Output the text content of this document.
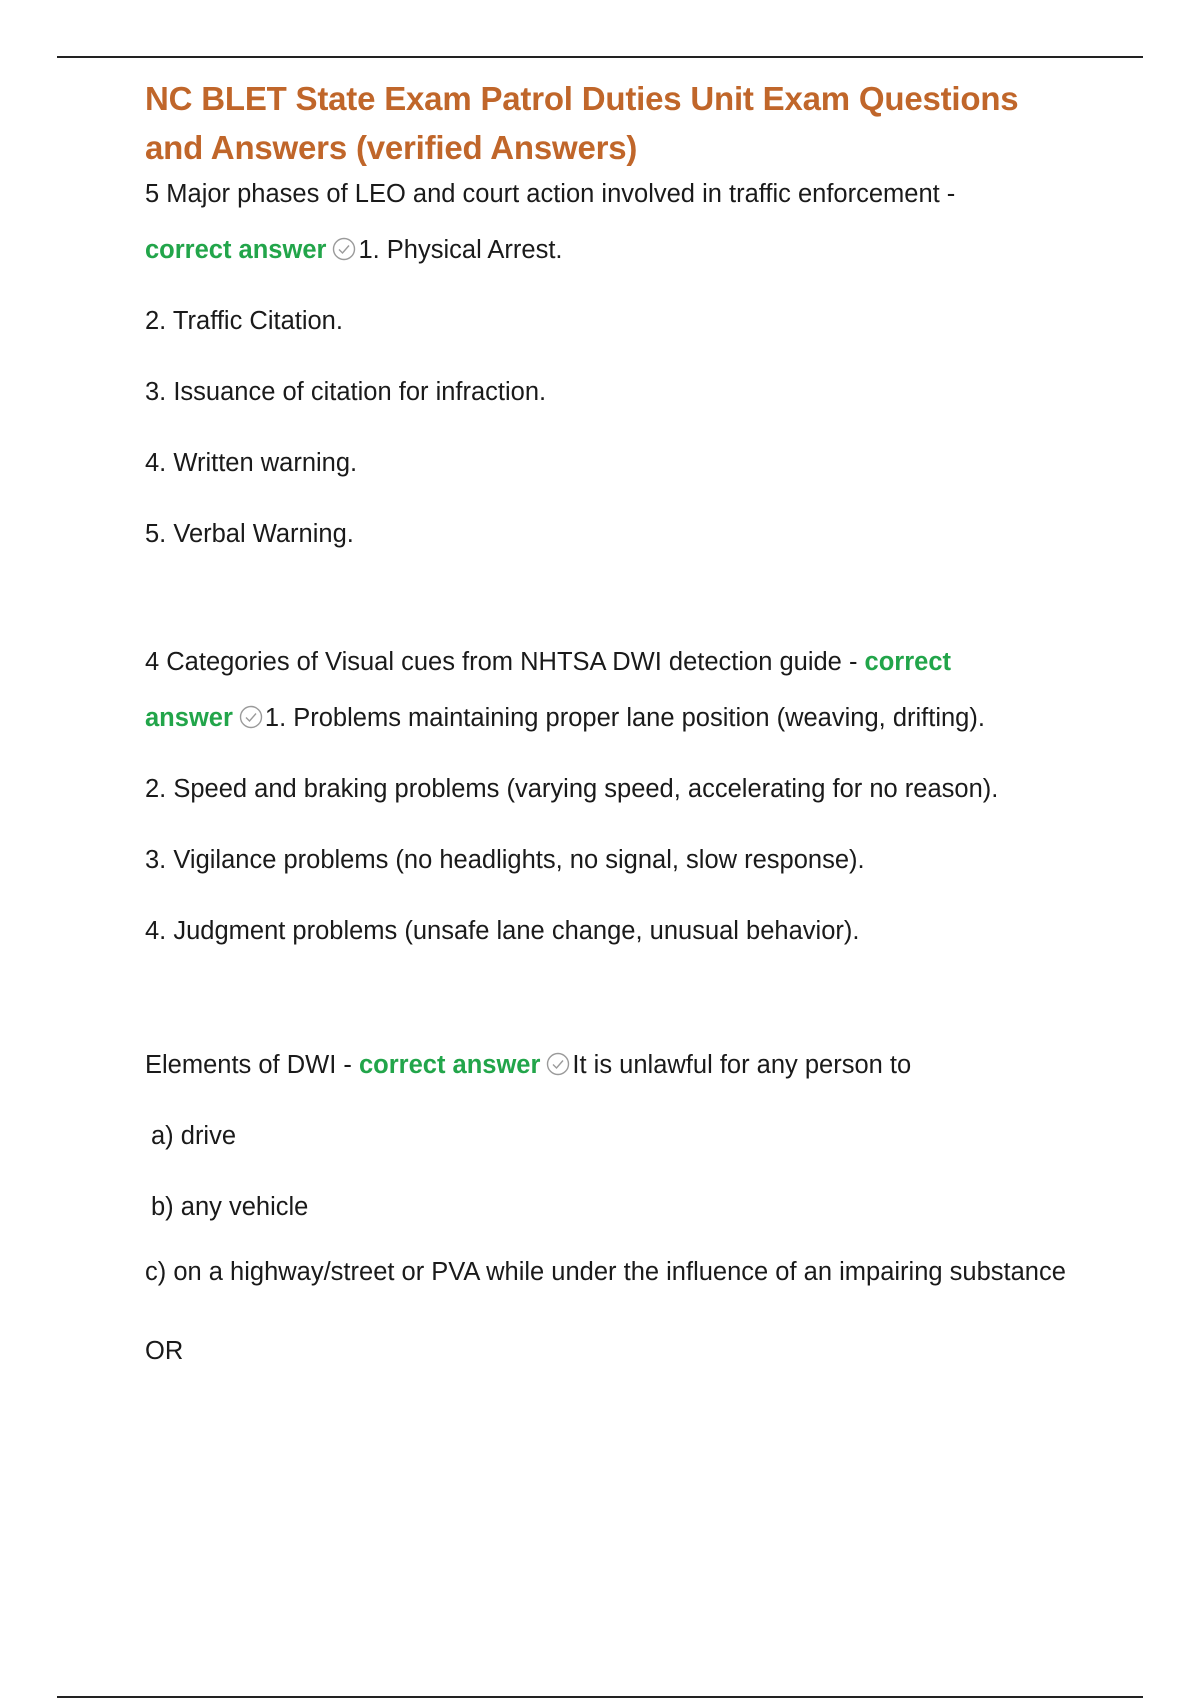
NC BLET State Exam Patrol Duties Unit Exam Questions and Answers (verified Answers)

5 Major phases of LEO and court action involved in traffic enforcement -

correct answer 1. Physical Arrest.

2. Traffic Citation.

3. Issuance of citation for infraction.

4. Written warning.

5. Verbal Warning.

4 Categories of Visual cues from NHTSA DWI detection guide - correct

answer 1. Problems maintaining proper lane position (weaving, drifting).

2. Speed and braking problems (varying speed, accelerating for no reason).

3. Vigilance problems (no headlights, no signal, slow response).

4. Judgment problems (unsafe lane change, unusual behavior).

Elements of DWI - correct answer It is unlawful for any person to

a) drive

b) any vehicle

c) on a highway/street or PVA while under the influence of an impairing substance

OR
